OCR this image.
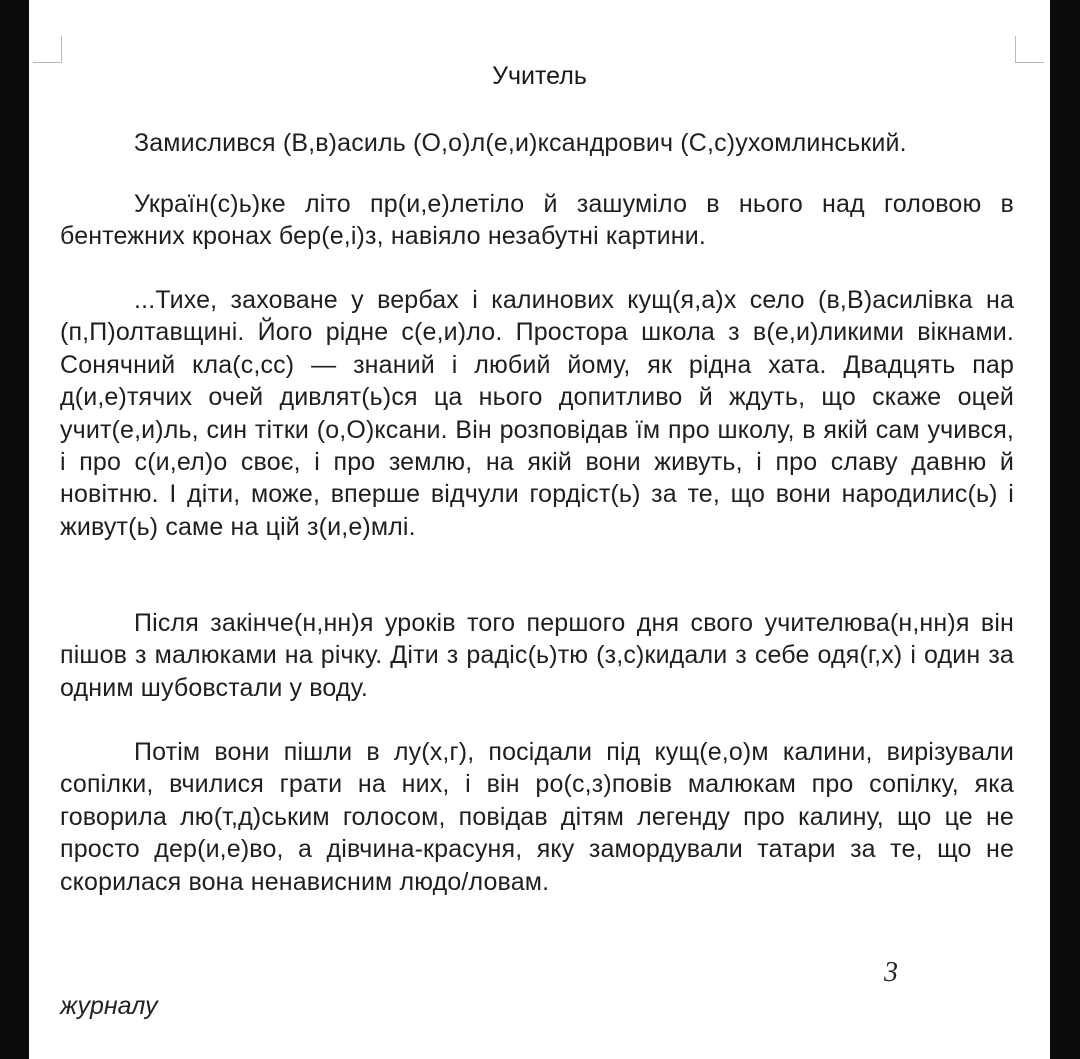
Учитель
Замислився (В,в)асиль (О,о)л(е,и)ксандрович (С,с)ухомлинський.
Україн(с)ь)ке літо пр(и,е)летіло й зашуміло в нього над головою в бентежних кронах бер(е,і)з, навіяло незабутні картини.
...Тихе, заховане у вербах і калинових кущ(я,а)х село (в,В)асилівка на (п,П)олтавщині. Його рідне с(е,и)ло. Простора школа з в(е,и)ликими вікнами. Сонячний кла(с,сс) — знаний і любий йому, як рідна хата. Двадцять пар д(и,е)тячих очей дивлят(ь)ся ца нього допитливо й ждуть, що скаже оцей учит(е,и)ль, син тітки (о,О)ксани. Він розповідав їм про школу, в якій сам учився, і про с(и,ел)о своє, і про землю, на якій вони живуть, і про славу давню й новітню. І діти, може, вперше відчули гордіст(ь) за те, що вони народилис(ь) і живут(ь) саме на цій з(и,е)млі.
Після закінче(н,нн)я уроків того першого дня свого учителюва(н,нн)я він пішов з малюками на річку. Діти з радіс(ь)тю (з,с)кидали з себе одя(г,х) і один за одним шубовстали у воду.
Потім вони пішли в лу(х,г), посідали під кущ(е,о)м калини, вирізували сопілки, вчилися грати на них, і він ро(с,з)повів малюкам про сопілку, яка говорила лю(т,д)ським голосом, повідав дітям легенду про калину, що це не просто дер(и,е)во, а дівчина-красуня, яку замордували татари за те, що не скорилася вона ненависним людо/ловам.
3
журналу
